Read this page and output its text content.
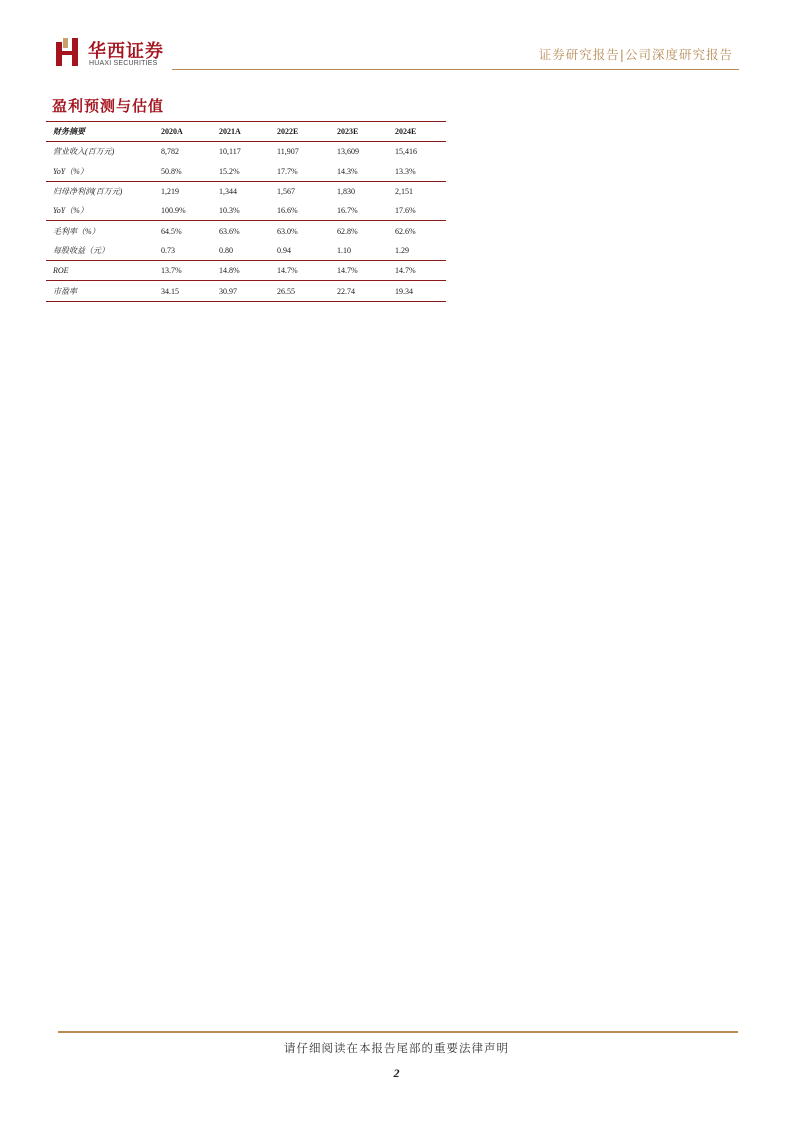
华西证券
HUAXI SECURITIES
证券研究报告|公司深度研究报告
盈利预测与估值
财务摘要	2020A	2021A	2022E	2023E	2024E
营业收入(百万元)	8,782	10,117	11,907	13,609	15,416
YoY（%）	50.8%	15.2%	17.7%	14.3%	13.3%
归母净利润(百万元)	1,219	1,344	1,567	1,830	2,151
YoY（%）	100.9%	10.3%	16.6%	16.7%	17.6%
毛利率（%）	64.5%	63.6%	63.0%	62.8%	62.6%
每股收益（元）	0.73	0.80	0.94	1.10	1.29
ROE	13.7%	14.8%	14.7%	14.7%	14.7%
市盈率	34.15	30.97	26.55	22.74	19.34
请仔细阅读在本报告尾部的重要法律声明
2
